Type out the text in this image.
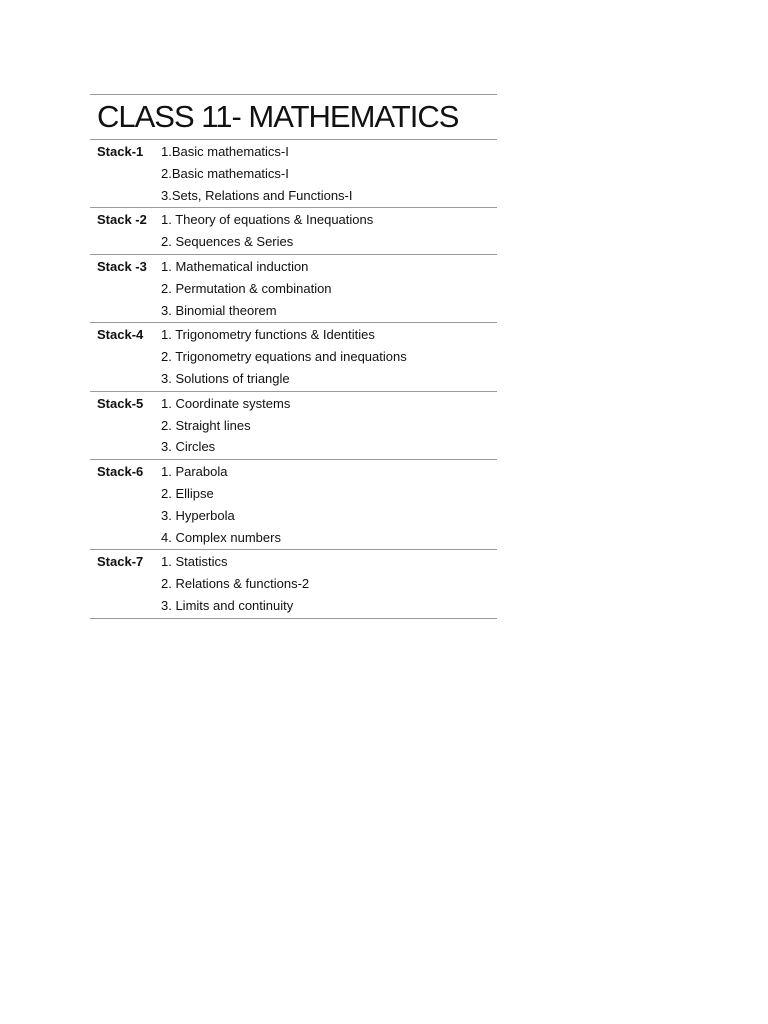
CLASS 11- MATHEMATICS
Stack-1	1.Basic mathematics-I
2.Basic mathematics-I
3.Sets, Relations and Functions-I
Stack -2	1. Theory of equations & Inequations
2. Sequences & Series
Stack -3	1. Mathematical induction
2. Permutation & combination
3. Binomial theorem
Stack-4	1. Trigonometry functions & Identities
2. Trigonometry equations and inequations
3. Solutions of triangle
Stack-5	1. Coordinate systems
2. Straight lines
3. Circles
Stack-6	1. Parabola
2. Ellipse
3. Hyperbola
4. Complex numbers
Stack-7	1. Statistics
2. Relations & functions-2
3. Limits and continuity
